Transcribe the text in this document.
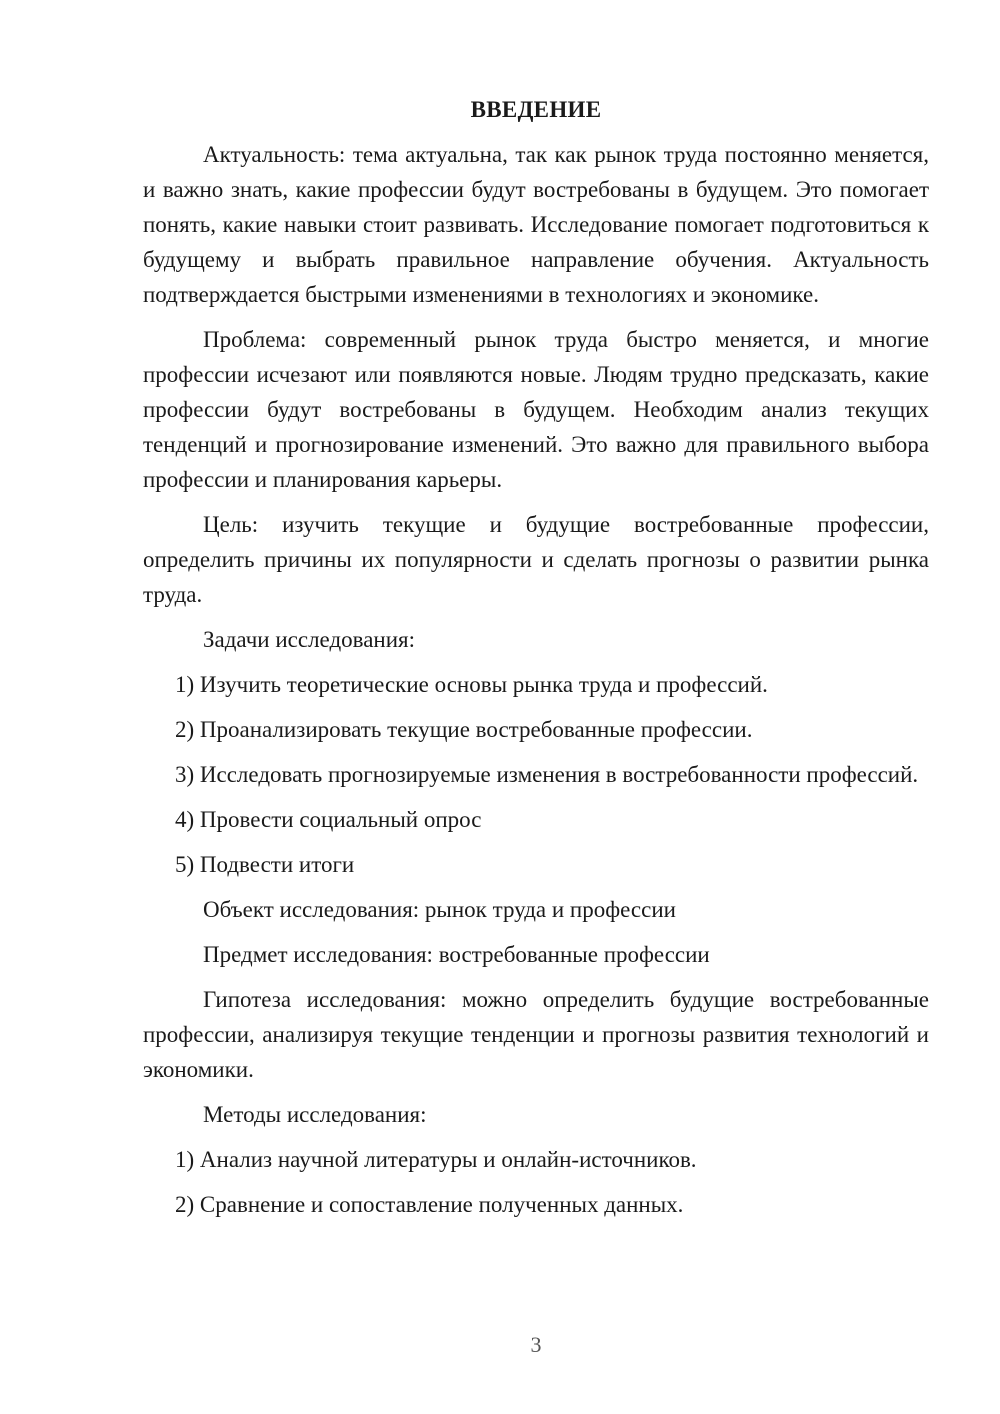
ВВЕДЕНИЕ

Актуальность: тема актуальна, так как рынок труда постоянно меняется, и важно знать, какие профессии будут востребованы в будущем. Это помогает понять, какие навыки стоит развивать. Исследование помогает подготовиться к будущему и выбрать правильное направление обучения. Актуальность подтверждается быстрыми изменениями в технологиях и экономике.

Проблема: современный рынок труда быстро меняется, и многие профессии исчезают или появляются новые. Людям трудно предсказать, какие профессии будут востребованы в будущем. Необходим анализ текущих тенденций и прогнозирование изменений. Это важно для правильного выбора профессии и планирования карьеры.

Цель: изучить текущие и будущие востребованные профессии, определить причины их популярности и сделать прогнозы о развитии рынка труда.

Задачи исследования:

1) Изучить теоретические основы рынка труда и профессий.

2) Проанализировать текущие востребованные профессии.

3) Исследовать прогнозируемые изменения в востребованности профессий.

4) Провести социальный опрос

5) Подвести итоги

Объект исследования: рынок труда и профессии

Предмет исследования: востребованные профессии

Гипотеза исследования: можно определить будущие востребованные профессии, анализируя текущие тенденции и прогнозы развития технологий и экономики.

Методы исследования:

1) Анализ научной литературы и онлайн-источников.

2) Сравнение и сопоставление полученных данных.

3
